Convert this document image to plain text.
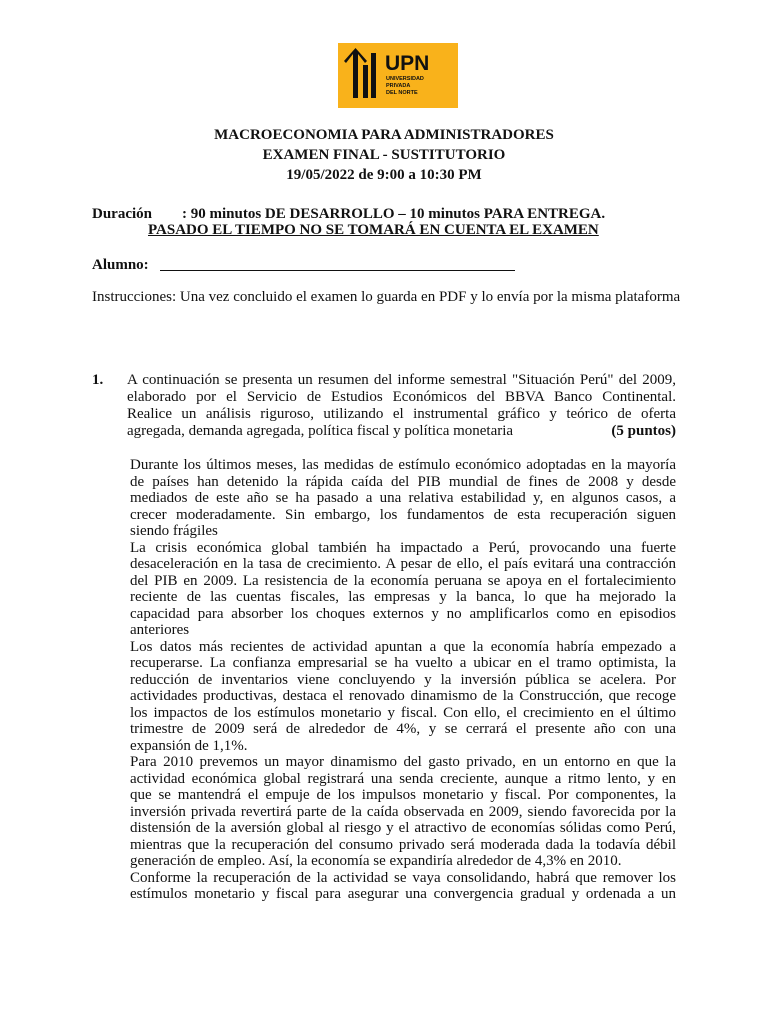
UPN
UNIVERSIDAD
PRIVADA
DEL NORTE
MACROECONOMIA PARA ADMINISTRADORES
EXAMEN FINAL - SUSTITUTORIO
19/05/2022 de 9:00 a 10:30 PM
Duración : 90 minutos DE DESARROLLO – 10 minutos PARA ENTREGA.
PASADO EL TIEMPO NO SE TOMARÁ EN CUENTA EL EXAMEN
Alumno:
Instrucciones: Una vez concluido el examen lo guarda en PDF y lo envía por la misma plataforma
1. A continuación se presenta un resumen del informe semestral "Situación Perú" del 2009,
elaborado por el Servicio de Estudios Económicos del BBVA Banco Continental.
Realice un análisis riguroso, utilizando el instrumental gráfico y teórico de oferta
(5 puntos)
agregada, demanda agregada, política fiscal y política monetaria
Durante los últimos meses, las medidas de estímulo económico adoptadas en la mayoría
de países han detenido la rápida caída del PIB mundial de fines de 2008 y desde
mediados de este año se ha pasado a una relativa estabilidad y, en algunos casos, a
crecer moderadamente. Sin embargo, los fundamentos de esta recuperación siguen
siendo frágiles
La crisis económica global también ha impactado a Perú, provocando una fuerte
desaceleración en la tasa de crecimiento. A pesar de ello, el país evitará una contracción
del PIB en 2009. La resistencia de la economía peruana se apoya en el fortalecimiento
reciente de las cuentas fiscales, las empresas y la banca, lo que ha mejorado la
capacidad para absorber los choques externos y no amplificarlos como en episodios
anteriores
Los datos más recientes de actividad apuntan a que la economía habría empezado a
recuperarse. La confianza empresarial se ha vuelto a ubicar en el tramo optimista, la
reducción de inventarios viene concluyendo y la inversión pública se acelera. Por
actividades productivas, destaca el renovado dinamismo de la Construcción, que recoge
los impactos de los estímulos monetario y fiscal. Con ello, el crecimiento en el último
trimestre de 2009 será de alrededor de 4%, y se cerrará el presente año con una
expansión de 1,1%.
Para 2010 prevemos un mayor dinamismo del gasto privado, en un entorno en que la
actividad económica global registrará una senda creciente, aunque a ritmo lento, y en
que se mantendrá el empuje de los impulsos monetario y fiscal. Por componentes, la
inversión privada revertirá parte de la caída observada en 2009, siendo favorecida por la
distensión de la aversión global al riesgo y el atractivo de economías sólidas como Perú,
mientras que la recuperación del consumo privado será moderada dada la todavía débil
generación de empleo. Así, la economía se expandiría alrededor de 4,3% en 2010.
Conforme la recuperación de la actividad se vaya consolidando, habrá que remover los
estímulos monetario y fiscal para asegurar una convergencia gradual y ordenada a un
